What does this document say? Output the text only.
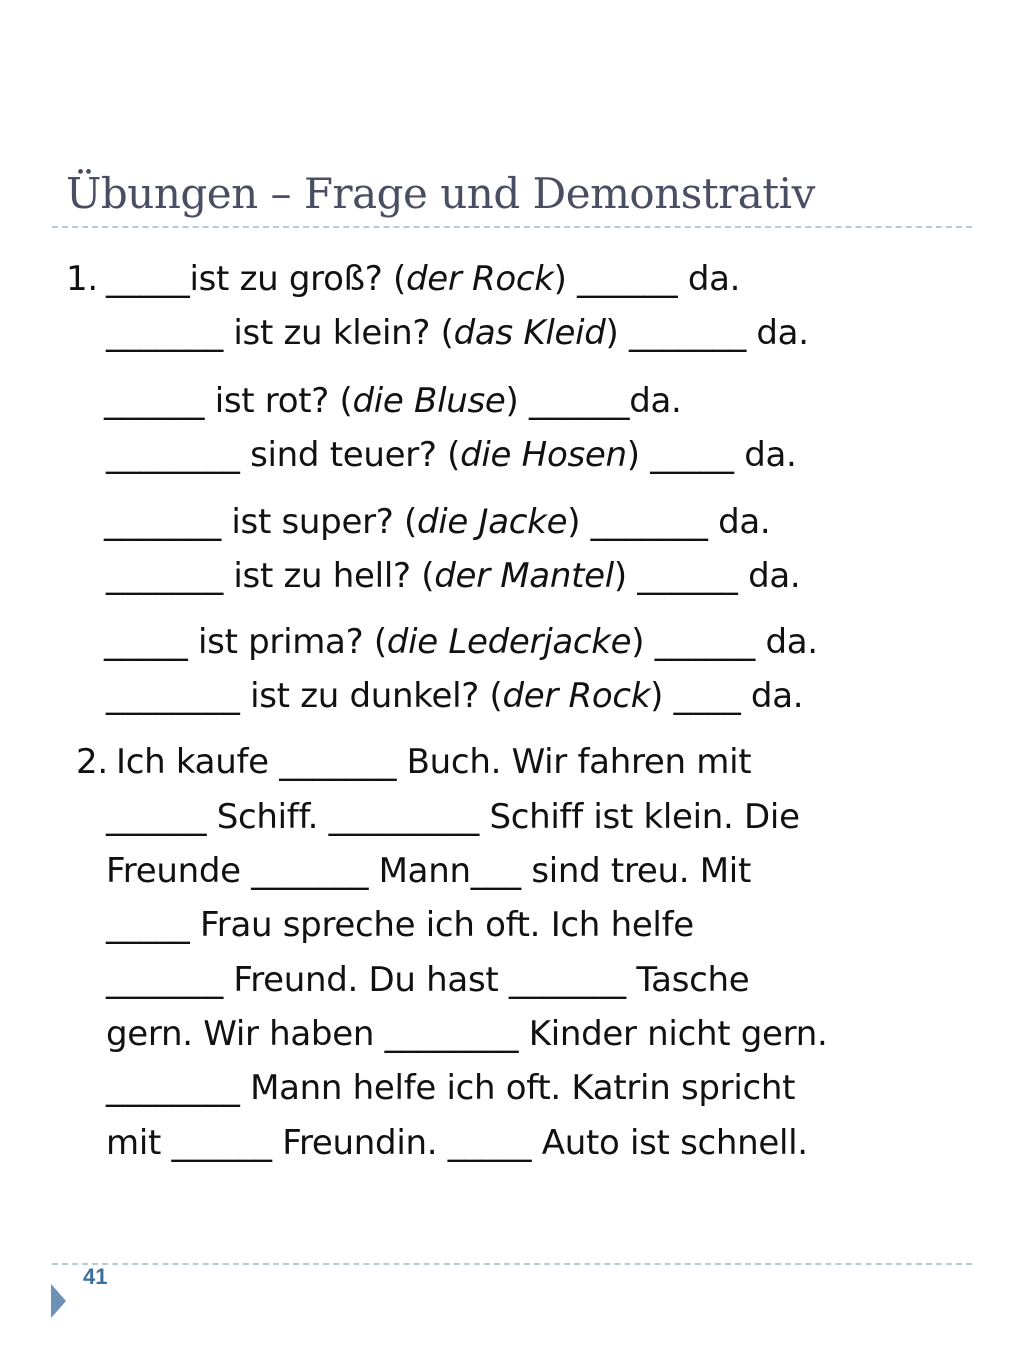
Übungen – Frage und Demonstrativ
1. _____ist zu groß? (der Rock) ______ da.
_______ ist zu klein? (das Kleid) _______ da.
______ ist rot? (die Bluse) ______da.
________ sind teuer? (die Hosen) _____ da.
_______ ist super? (die Jacke) _______ da.
_______ ist zu hell? (der Mantel) ______ da.
_____ ist prima? (die Lederjacke) ______ da.
________ ist zu dunkel? (der Rock) ____ da.
2. Ich kaufe _______ Buch. Wir fahren mit
______ Schiff. _________ Schiff ist klein. Die
Freunde _______ Mann___ sind treu. Mit
_____ Frau spreche ich oft. Ich helfe
_______ Freund. Du hast _______ Tasche
gern. Wir haben ________ Kinder nicht gern.
________ Mann helfe ich oft. Katrin spricht
mit ______ Freundin. _____ Auto ist schnell.
41
